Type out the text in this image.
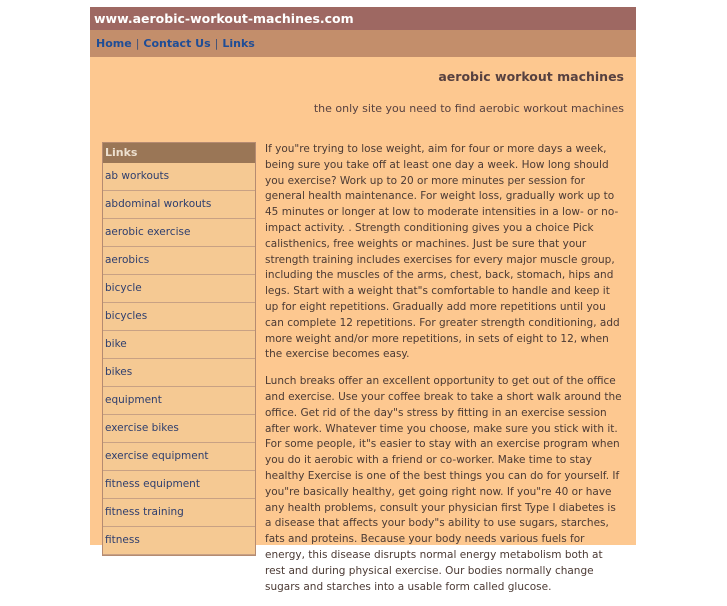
www.aerobic-workout-machines.com
Home | Contact Us | Links
aerobic workout machines
the only site you need to find aerobic workout machines
Links
ab workouts
abdominal workouts
aerobic exercise
aerobics
bicycle
bicycles
bike
bikes
equipment
exercise bikes
exercise equipment
fitness equipment
fitness training
fitness

If you"re trying to lose weight, aim for four or more days a week, being sure you take off at least one day a week. How long should you exercise? Work up to 20 or more minutes per session for general health maintenance. For weight loss, gradually work up to 45 minutes or longer at low to moderate intensities in a low- or no-impact activity. . Strength conditioning gives you a choice Pick calisthenics, free weights or machines. Just be sure that your strength training includes exercises for every major muscle group, including the muscles of the arms, chest, back, stomach, hips and legs. Start with a weight that"s comfortable to handle and keep it up for eight repetitions. Gradually add more repetitions until you can complete 12 repetitions. For greater strength conditioning, add more weight and/or more repetitions, in sets of eight to 12, when the exercise becomes easy.

Lunch breaks offer an excellent opportunity to get out of the office and exercise. Use your coffee break to take a short walk around the office. Get rid of the day"s stress by fitting in an exercise session after work. Whatever time you choose, make sure you stick with it. For some people, it"s easier to stay with an exercise program when you do it aerobic with a friend or co-worker. Make time to stay healthy Exercise is one of the best things you can do for yourself. If you"re basically healthy, get going right now. If you"re 40 or have any health problems, consult your physician first Type I diabetes is a disease that affects your body"s ability to use sugars, starches, fats and proteins. Because your body needs various fuels for energy, this disease disrupts normal energy metabolism both at rest and during physical exercise. Our bodies normally change sugars and starches into a usable form called glucose.
